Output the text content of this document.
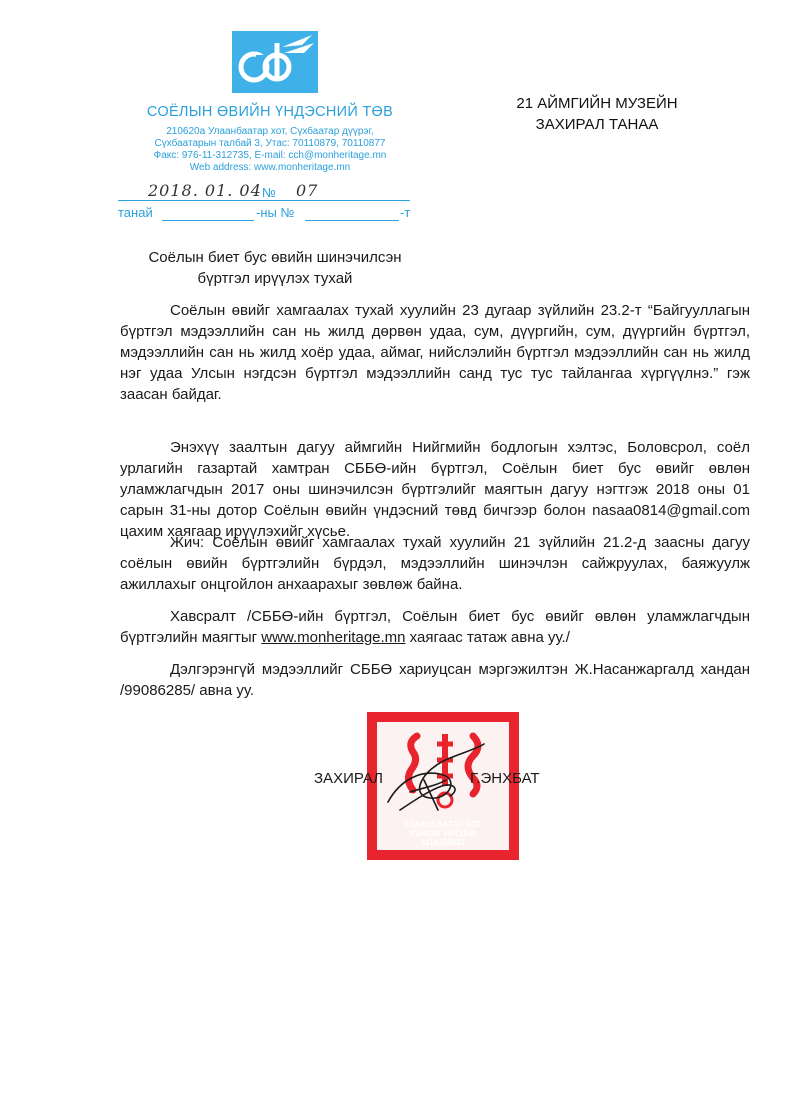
СОЁЛЫН ӨВИЙН ҮНДЭСНИЙ ТӨВ
210620а Улаанбаатар хот, Сүхбаатар дүүрэг,
Сүхбаатарын талбай 3, Утас: 70110879, 70110877
Факс: 976-11-312735, E-mail: cch@monheritage.mn
Web address: www.monheritage.mn
21 АЙМГИЙН МУЗЕЙН
ЗАХИРАЛ ТАНАА
2018. 01. 04 № 07
танай	-ны №	-т
Соёлын биет бус өвийн шинэчилсэн
бүртгэл ирүүлэх тухай

Соёлын өвийг хамгаалах тухай хуулийн 23 дугаар зүйлийн 23.2-т “Байгууллагын бүртгэл мэдээллийн сан нь жилд дөрвөн удаа, сум, дүүргийн, сум, дүүргийн бүртгэл, мэдээллийн сан нь жилд хоёр удаа, аймаг, нийслэлийн бүртгэл мэдээллийн сан нь жилд нэг удаа Улсын нэгдсэн бүртгэл мэдээллийн санд тус тус тайлангаа хүргүүлнэ.” гэж заасан байдаг.

Энэхүү заалтын дагуу аймгийн Нийгмийн бодлогын хэлтэс, Боловсрол, соёл урлагийн газартай хамтран СББӨ-ийн бүртгэл, Соёлын биет бус өвийг өвлөн уламжлагчдын 2017 оны шинэчилсэн бүртгэлийг маягтын дагуу нэгтгэж 2018 оны 01 сарын 31-ны дотор Соёлын өвийн үндэсний төвд бичгээр болон nasaa0814@gmail.com цахим хаягаар ирүүлэхийг хүсье.

Жич: Соёлын өвийг хамгаалах тухай хуулийн 21 зүйлийн 21.2-д заасны дагуу соёлын өвийн бүртгэлийн бүрдэл, мэдээллийн шинэчлэн сайжруулах, баяжуулж ажиллахыг онцгойлон анхаарахыг зөвлөж байна.

Хавсралт /СББӨ-ийн бүртгэл, Соёлын биет бус өвийг өвлөн уламжлагчдын бүртгэлийн маягтыг www.monheritage.mn хаягаас татаж авна уу./

Дэлгэрэнгүй мэдээллийг СББӨ хариуцсан мэргэжилтэн Ж.Насанжаргалд хандан /99086285/ авна уу.

УЛААНБААТАР ХОТ
9104208 ХНТ1839
1118158933
ЗАХИРАЛ	Г.ЭНХБАТ
